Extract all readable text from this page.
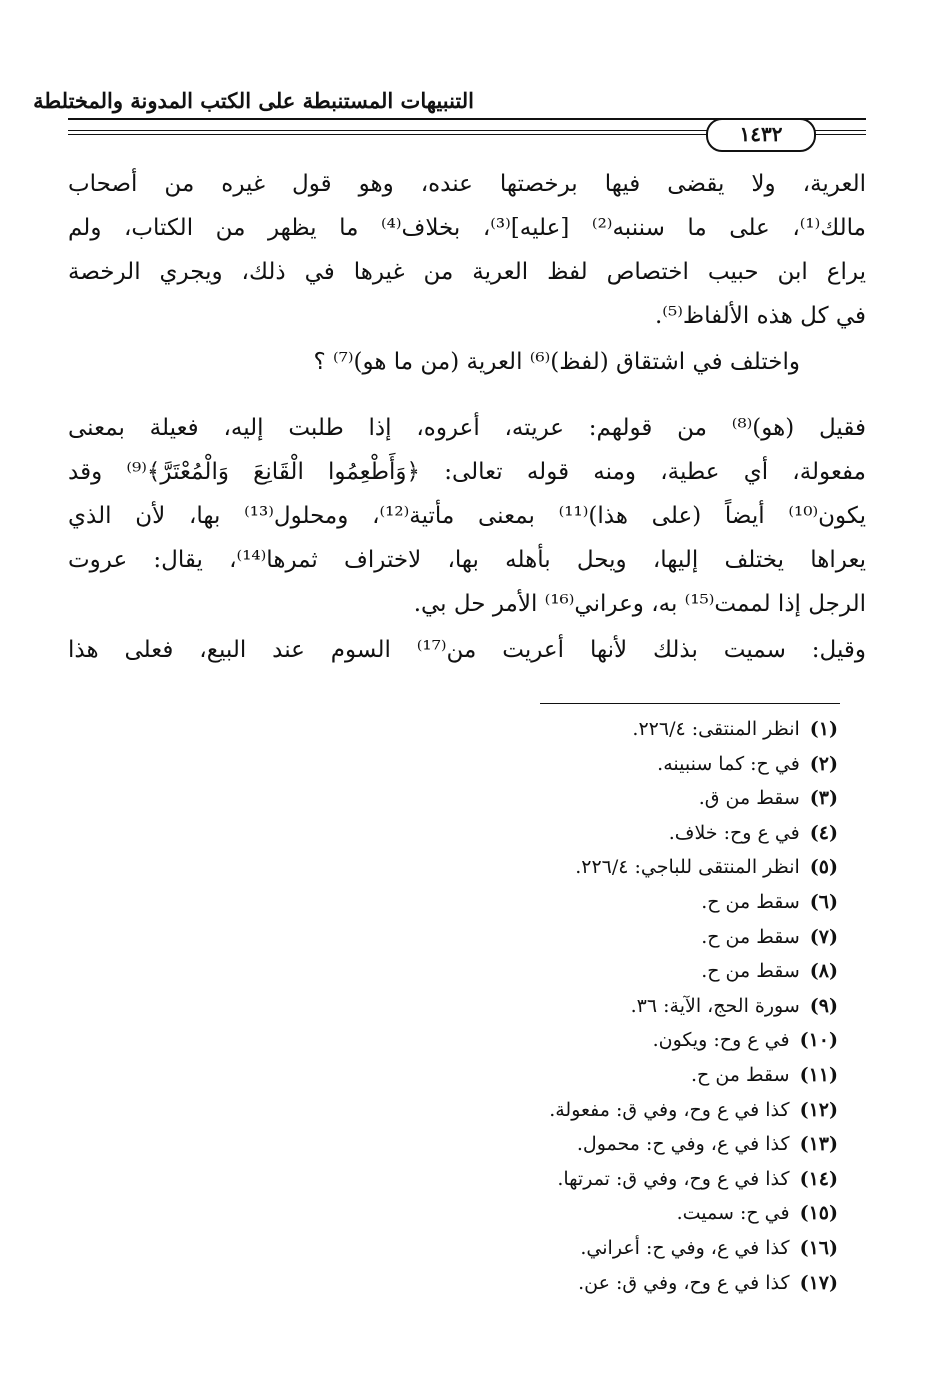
التنبيهات المستنبطة على الكتب المدونة والمختلطة
١٤٣٢
العرية، ولا يقضى فيها برخصتها عنده، وهو قول غيره من أصحاب
مالك⁽¹⁾، على ما سننبه⁽²⁾ [عليه]⁽³⁾، بخلاف⁽⁴⁾ ما يظهر من الكتاب، ولم
يراع ابن حبيب اختصاص لفظ العرية من غيرها في ذلك، ويجري الرخصة
في كل هذه الألفاظ⁽⁵⁾.
واختلف في اشتقاق (لفظ)⁽⁶⁾ العرية (من ما هو)⁽⁷⁾ ؟
فقيل (هو)⁽⁸⁾ من قولهم: عريته، أعروه، إذا طلبت إليه، فعيلة بمعنى
مفعولة، أي عطية، ومنه قوله تعالى: ﴿وَأَطْعِمُوا الْقَانِعَ وَالْمُعْتَرَّ﴾⁽⁹⁾ وقد
يكون⁽¹⁰⁾ أيضاً (على هذا)⁽¹¹⁾ بمعنى مأتية⁽¹²⁾، ومحلول⁽¹³⁾ بها، لأن الذي
يعراها يختلف إليها، ويحل بأهله بها، لاختراف ثمرها⁽¹⁴⁾، يقال: عروت
الرجل إذا لممت⁽¹⁵⁾ به، وعراني⁽¹⁶⁾ الأمر حل بي.
وقيل: سميت بذلك لأنها أعريت من⁽¹⁷⁾ السوم عند البيع، فعلى هذا
(١)انظر المنتقى: ٢٢٦/٤.
(٢)في ح: كما سنبينه.
(٣)سقط من ق.
(٤)في ع وح: خلاف.
(٥)انظر المنتقى للباجي: ٢٢٦/٤.
(٦)سقط من ح.
(٧)سقط من ح.
(٨)سقط من ح.
(٩)سورة الحج، الآية: ٣٦.
(١٠)في ع وح: ويكون.
(١١)سقط من ح.
(١٢)كذا في ع وح، وفي ق: مفعولة.
(١٣)كذا في ع، وفي ح: محمول.
(١٤)كذا في ع وح، وفي ق: تمرتها.
(١٥)في ح: سميت.
(١٦)كذا في ع، وفي ح: أعراني.
(١٧)كذا في ع وح، وفي ق: عن.
